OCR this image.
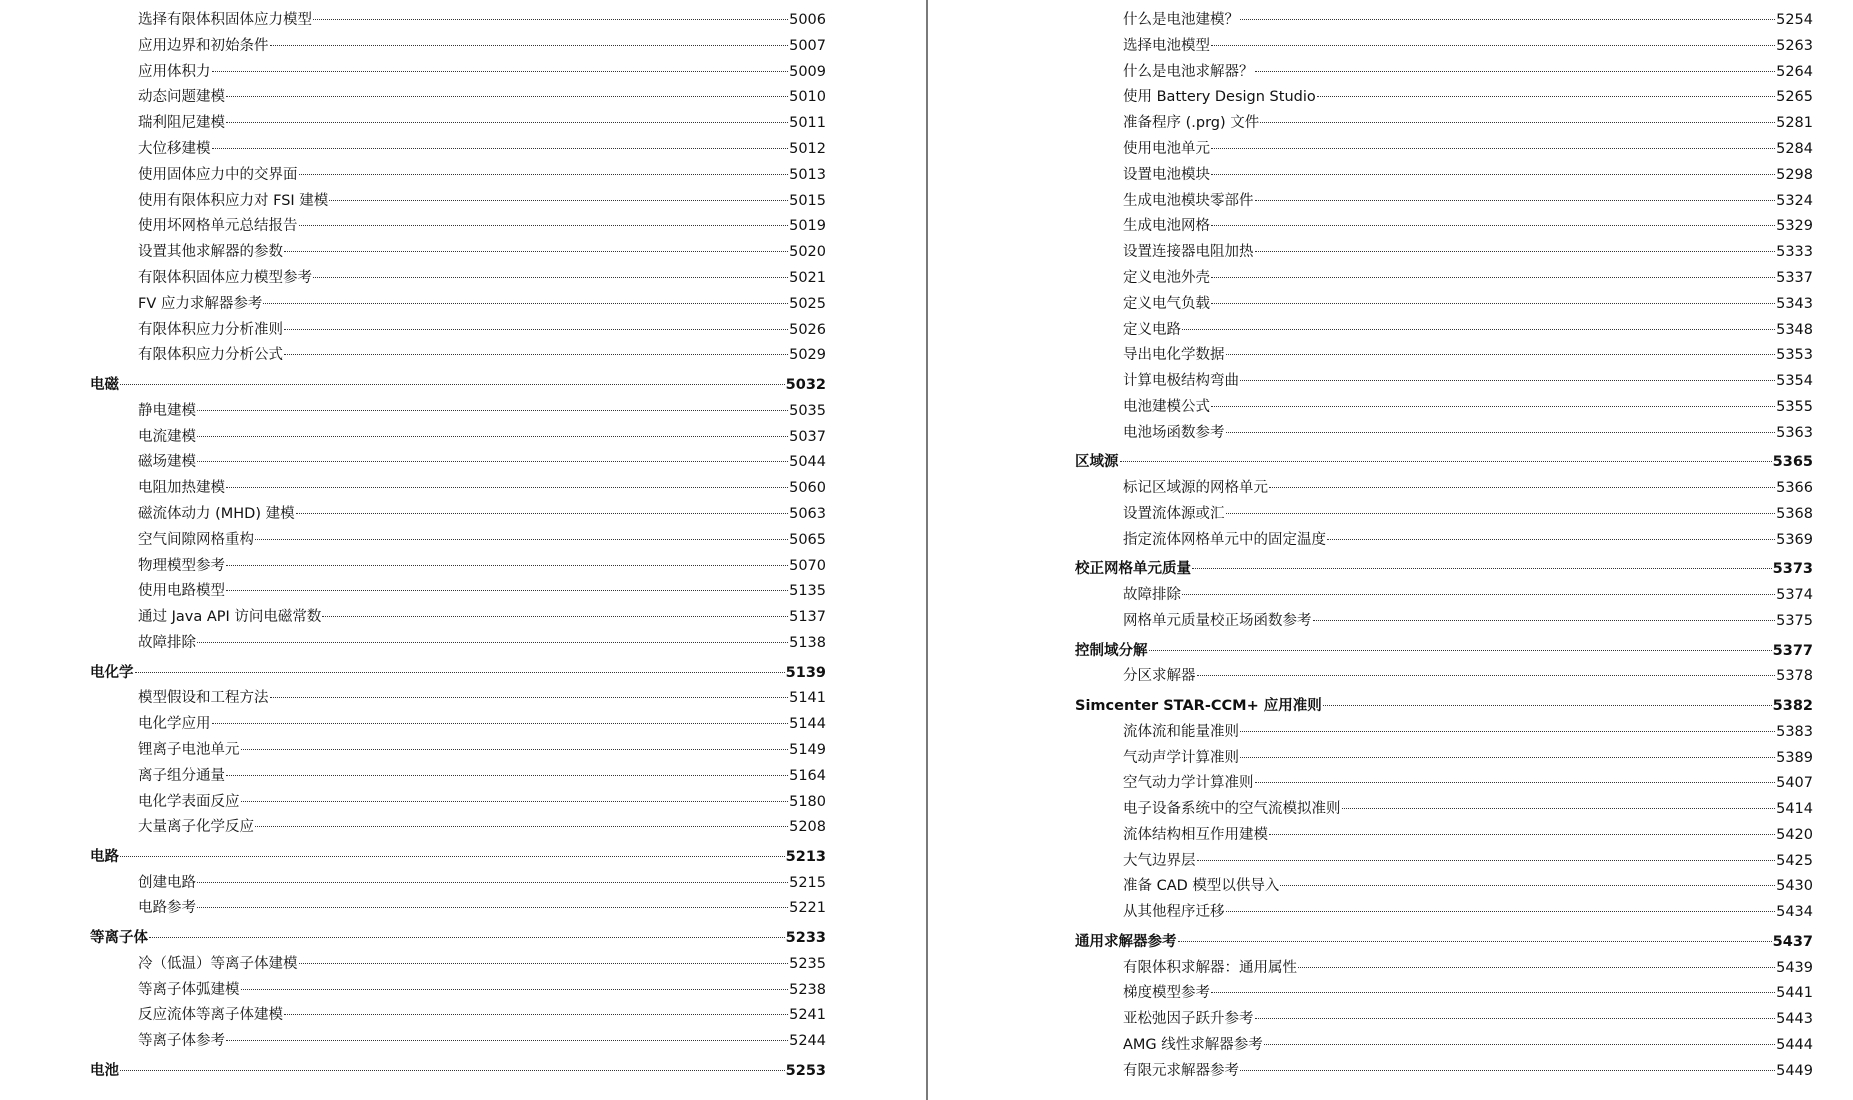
选择有限体积固体应力模型	5006
应用边界和初始条件	5007
应用体积力	5009
动态问题建模	5010
瑞利阻尼建模	5011
大位移建模	5012
使用固体应力中的交界面	5013
使用有限体积应力对 FSI 建模	5015
使用坏网格单元总结报告	5019
设置其他求解器的参数	5020
有限体积固体应力模型参考	5021
FV 应力求解器参考	5025
有限体积应力分析准则	5026
有限体积应力分析公式	5029
电磁	5032
静电建模	5035
电流建模	5037
磁场建模	5044
电阻加热建模	5060
磁流体动力 (MHD) 建模	5063
空气间隙网格重构	5065
物理模型参考	5070
使用电路模型	5135
通过 Java API 访问电磁常数	5137
故障排除	5138
电化学	5139
模型假设和工程方法	5141
电化学应用	5144
锂离子电池单元	5149
离子组分通量	5164
电化学表面反应	5180
大量离子化学反应	5208
电路	5213
创建电路	5215
电路参考	5221
等离子体	5233
冷（低温）等离子体建模	5235
等离子体弧建模	5238
反应流体等离子体建模	5241
等离子体参考	5244
电池	5253
什么是电池建模？	5254
选择电池模型	5263
什么是电池求解器？	5264
使用 Battery Design Studio	5265
准备程序 (.prg) 文件	5281
使用电池单元	5284
设置电池模块	5298
生成电池模块零部件	5324
生成电池网格	5329
设置连接器电阻加热	5333
定义电池外壳	5337
定义电气负载	5343
定义电路	5348
导出电化学数据	5353
计算电极结构弯曲	5354
电池建模公式	5355
电池场函数参考	5363
区域源	5365
标记区域源的网格单元	5366
设置流体源或汇	5368
指定流体网格单元中的固定温度	5369
校正网格单元质量	5373
故障排除	5374
网格单元质量校正场函数参考	5375
控制域分解	5377
分区求解器	5378
Simcenter STAR-CCM+ 应用准则	5382
流体流和能量准则	5383
气动声学计算准则	5389
空气动力学计算准则	5407
电子设备系统中的空气流模拟准则	5414
流体结构相互作用建模	5420
大气边界层	5425
准备 CAD 模型以供导入	5430
从其他程序迁移	5434
通用求解器参考	5437
有限体积求解器：通用属性	5439
梯度模型参考	5441
亚松弛因子跃升参考	5443
AMG 线性求解器参考	5444
有限元求解器参考	5449
